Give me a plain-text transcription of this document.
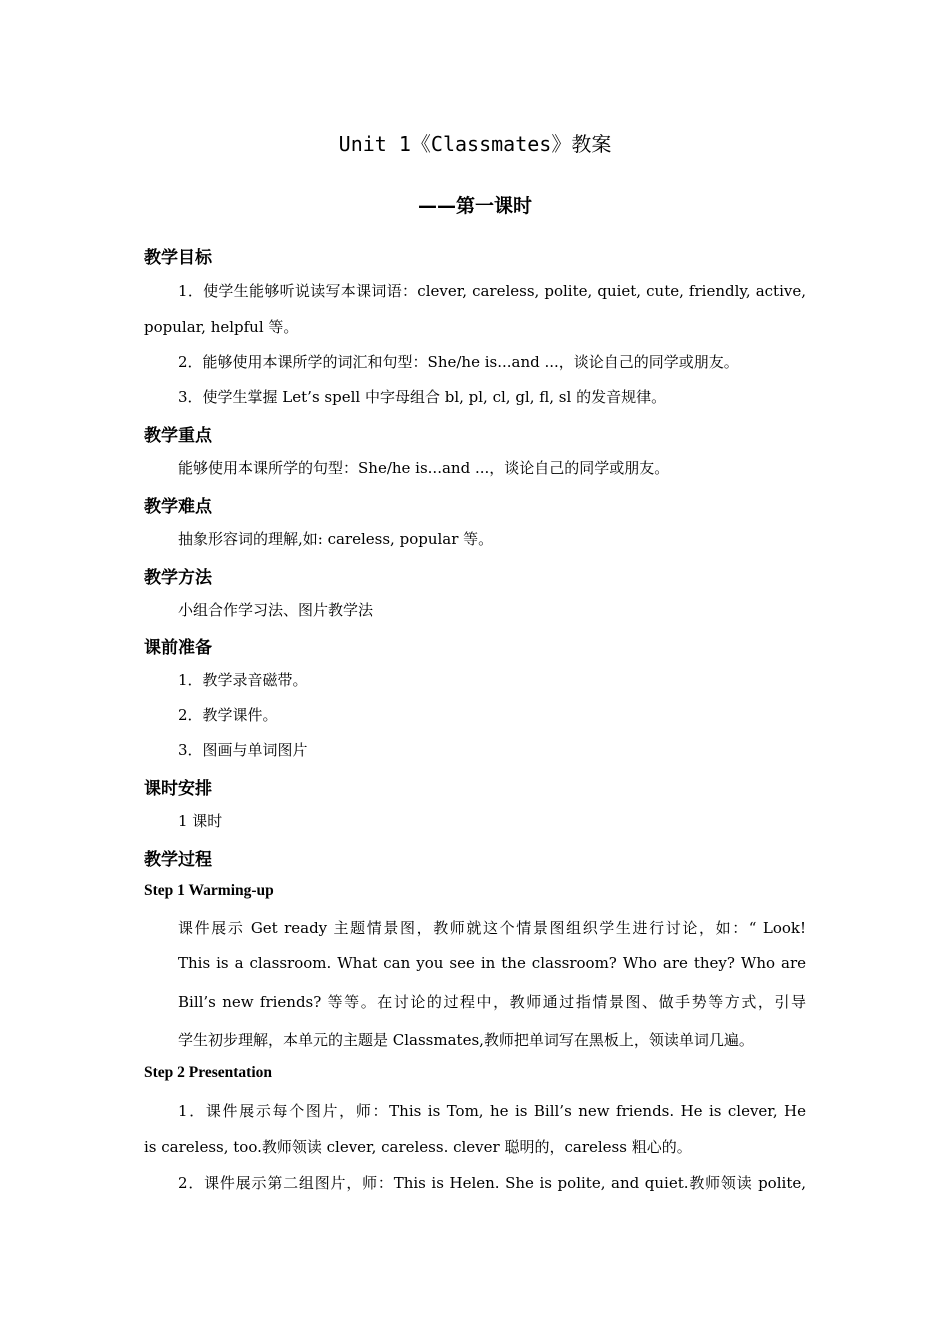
Unit 1《Classmates》教案
——第一课时
教学目标
1．使学生能够听说读写本课词语：clever, careless, polite, quiet, cute, friendly, active,
popular, helpful 等。
2．能够使用本课所学的词汇和句型：She/he is...and ...，谈论自己的同学或朋友。
3．使学生掌握 Let’s spell 中字母组合 bl, pl, cl, gl, fl, sl 的发音规律。
教学重点
能够使用本课所学的句型：She/he is...and ...，谈论自己的同学或朋友。
教学难点
抽象形容词的理解,如: careless, popular 等。
教学方法
小组合作学习法、图片教学法
课前准备
1．教学录音磁带。
2．教学课件。
3．图画与单词图片
课时安排
1 课时
教学过程
Step 1 Warming-up
课件展示 Get ready 主题情景图，教师就这个情景图组织学生进行讨论，如：“ Look!
This is a classroom. What can you see in the classroom? Who are they? Who are
Bill’s new friends? 等等。在讨论的过程中，教师通过指情景图、做手势等方式，引导
学生初步理解，本单元的主题是 Classmates,教师把单词写在黑板上，领读单词几遍。
Step 2 Presentation
1．课件展示每个图片，师：This is Tom, he is Bill’s new friends. He is clever, He
is careless, too.教师领读 clever, careless. clever 聪明的，careless 粗心的。
2．课件展示第二组图片，师：This is Helen. She is polite, and quiet.教师领读 polite,
